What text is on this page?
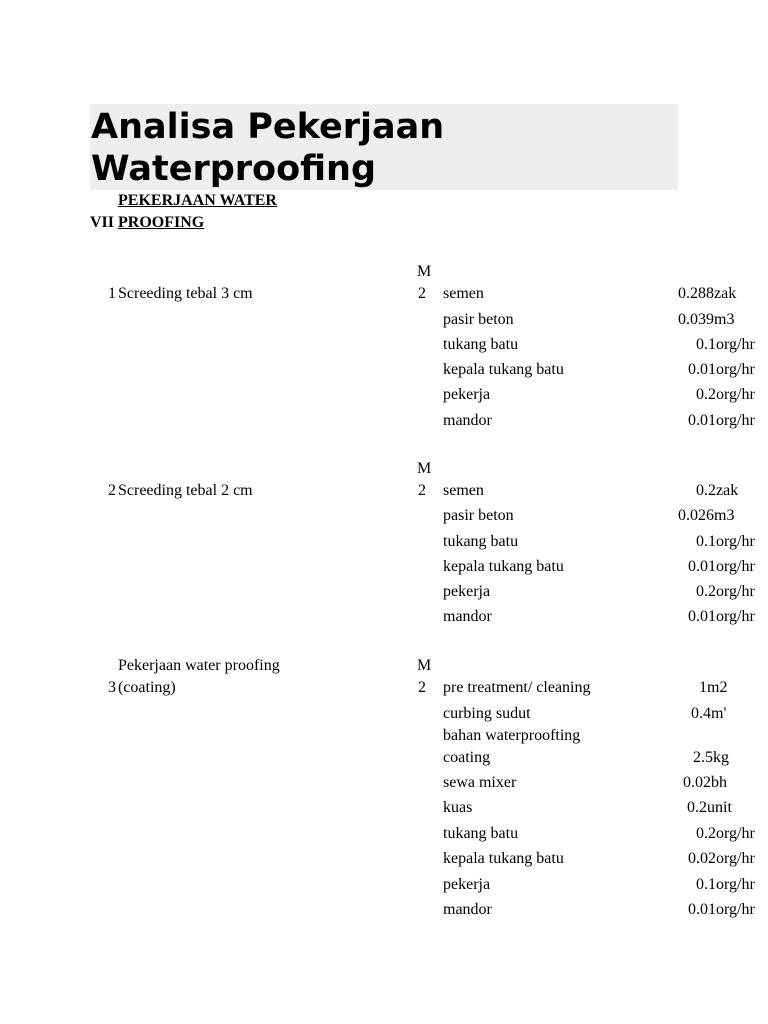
Analisa Pekerjaan Waterproofing
PEKERJAAN WATER
VII PROOFING
M
1 Screeding tebal 3 cm	2 semen	0.288 zak
pasir beton	0.039 m3
tukang batu	0.1 org/hr
kepala tukang batu	0.01 org/hr
pekerja	0.2 org/hr
mandor	0.01 org/hr
M
2 Screeding tebal 2 cm	2 semen	0.2 zak
pasir beton	0.026 m3
tukang batu	0.1 org/hr
kepala tukang batu	0.01 org/hr
pekerja	0.2 org/hr
mandor	0.01 org/hr
Pekerjaan water proofing	M
3 (coating)	2 pre treatment/ cleaning	1 m2
curbing sudut	0.4 m'
bahan waterproofting
coating	2.5 kg
sewa mixer	0.02 bh
kuas	0.2 unit
tukang batu	0.2 org/hr
kepala tukang batu	0.02 org/hr
pekerja	0.1 org/hr
mandor	0.01 org/hr
